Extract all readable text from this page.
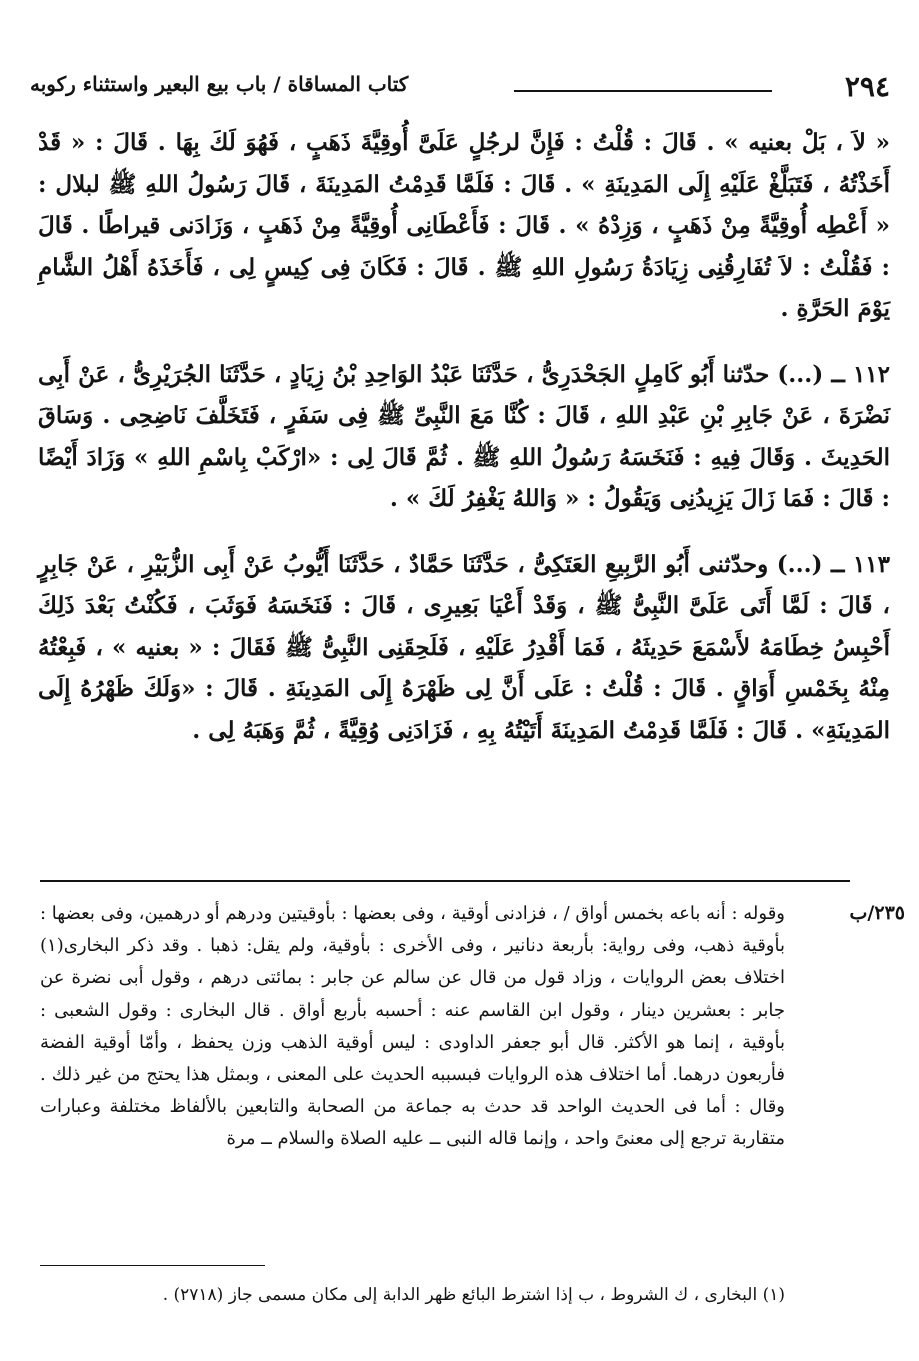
٢٩٤
كتاب المساقاة / باب بيع البعير واستثناء ركوبه

« لاَ ، بَلْ بعنيه » . قَالَ : قُلْتُ : فَإِنَّ لرجُلٍ عَلَىَّ أُوقِيَّةَ ذَهَبٍ ، فَهُوَ لَكَ بِهَا . قَالَ : « قَدْ أَخَذْتُهُ ، فَتَبَلَّغْ عَلَيْهِ إِلَى المَدِينَةِ » . قَالَ : فَلَمَّا قَدِمْتُ المَدِينَةَ ، قَالَ رَسُولُ اللهِ ﷺ لبلال : « أَعْطِه أُوقِيَّةً مِنْ ذَهَبٍ ، وَزِدْهُ » . قَالَ : فَأَعْطَانِى أُوقِيَّةً مِنْ ذَهَبٍ ، وَزَادَنى قيراطًا . قَالَ : فَقُلْتُ : لاَ تُفَارِقُنِى زِيَادَةُ رَسُولِ اللهِ ﷺ . قَالَ : فَكَانَ فِى كِيسٍ لِى ، فَأَخَذَهُ أَهْلُ الشَّامِ يَوْمَ الحَرَّةِ .

١١٢ ــ (...) حدّثنا أَبُو كَامِلٍ الجَحْدَرِىُّ ، حَدَّثَنَا عَبْدُ الوَاحِدِ بْنُ زِيَادٍ ، حَدَّثَنَا الجُرَيْرِىُّ ، عَنْ أَبِى نَضْرَةَ ، عَنْ جَابِرِ بْنِ عَبْدِ اللهِ ، قَالَ : كُنَّا مَعَ النَّبِىِّ ﷺ فِى سَفَرٍ ، فَتَخَلَّفَ نَاضِحِى . وَسَاقَ الحَدِيثَ . وَقَالَ فِيهِ : فَنَخَسَهُ رَسُولُ اللهِ ﷺ . ثُمَّ قَالَ لِى : «ارْكَبْ بِاسْمِ اللهِ » وَزَادَ أَيْضًا : قَالَ : فَمَا زَالَ يَزِيدُنِى وَيَقُولُ : « وَاللهُ يَغْفِرُ لَكَ » .

١١٣ ــ (...) وحدّثنى أَبُو الرَّبِيعِ العَتَكِىُّ ، حَدَّثَنَا حَمَّادٌ ، حَدَّثَنَا أَيُّوبُ عَنْ أَبِى الزُّبَيْرِ ، عَنْ جَابِرٍ ، قَالَ : لَمَّا أَتَى عَلَىَّ النَّبِىُّ ﷺ ، وَقَدْ أَعْيَا بَعِيرِى ، قَالَ : فَنَخَسَهُ فَوَثَبَ ، فَكُنْتُ بَعْدَ ذَلِكَ أَحْبِسُ خِطَامَهُ لأَسْمَعَ حَدِيثَهُ ، فَمَا أَقْدِرُ عَلَيْهِ ، فَلَحِقَنِى النَّبِىُّ ﷺ فَقَالَ : « بعنيه » ، فَبِعْتُهُ مِنْهُ بِخَمْسِ أَوَاقٍ . قَالَ : قُلْتُ : عَلَى أَنَّ لِى ظَهْرَهُ إِلَى المَدِينَةِ . قَالَ : «وَلَكَ ظَهْرُهُ إِلَى المَدِينَةِ» . قَالَ : فَلَمَّا قَدِمْتُ المَدِينَةَ أَتَيْتُهُ بِهِ ، فَزَادَنِى وُقِيَّةً ، ثُمَّ وَهَبَهُ لِى .

٢٣٥/ب

وقوله : أنه باعه بخمس أواق / ، فزادنى أوقية ، وفى بعضها : بأوقيتين ودرهم أو درهمين، وفى بعضها : بأوقية ذهب، وفى رواية: بأربعة دنانير ، وفى الأخرى : بأوقية، ولم يقل: ذهبا . وقد ذكر البخارى(١) اختلاف بعض الروايات ، وزاد قول من قال عن سالم عن جابر : بمائتى درهم ، وقول أبى نضرة عن جابر : بعشرين دينار ، وقول ابن القاسم عنه : أحسبه بأربع أواق . قال البخارى : وقول الشعبى : بأوقية ، إنما هو الأكثر. قال أبو جعفر الداودى : ليس أوقية الذهب وزن يحفظ ، وأمّا أوقية الفضة فأربعون درهما. أما اختلاف هذه الروايات فبسببه الحديث على المعنى ، وبمثل هذا يحتج من غير ذلك . وقال : أما فى الحديث الواحد قد حدث به جماعة من الصحابة والتابعين بالألفاظ مختلفة وعبارات متقاربة ترجع إلى معنىً واحد ، وإنما قاله النبى ــ عليه الصلاة والسلام ــ مرة

(١) البخارى ، ك الشروط ، ب إذا اشترط البائع ظهر الدابة إلى مكان مسمى جاز (٢٧١٨) .
